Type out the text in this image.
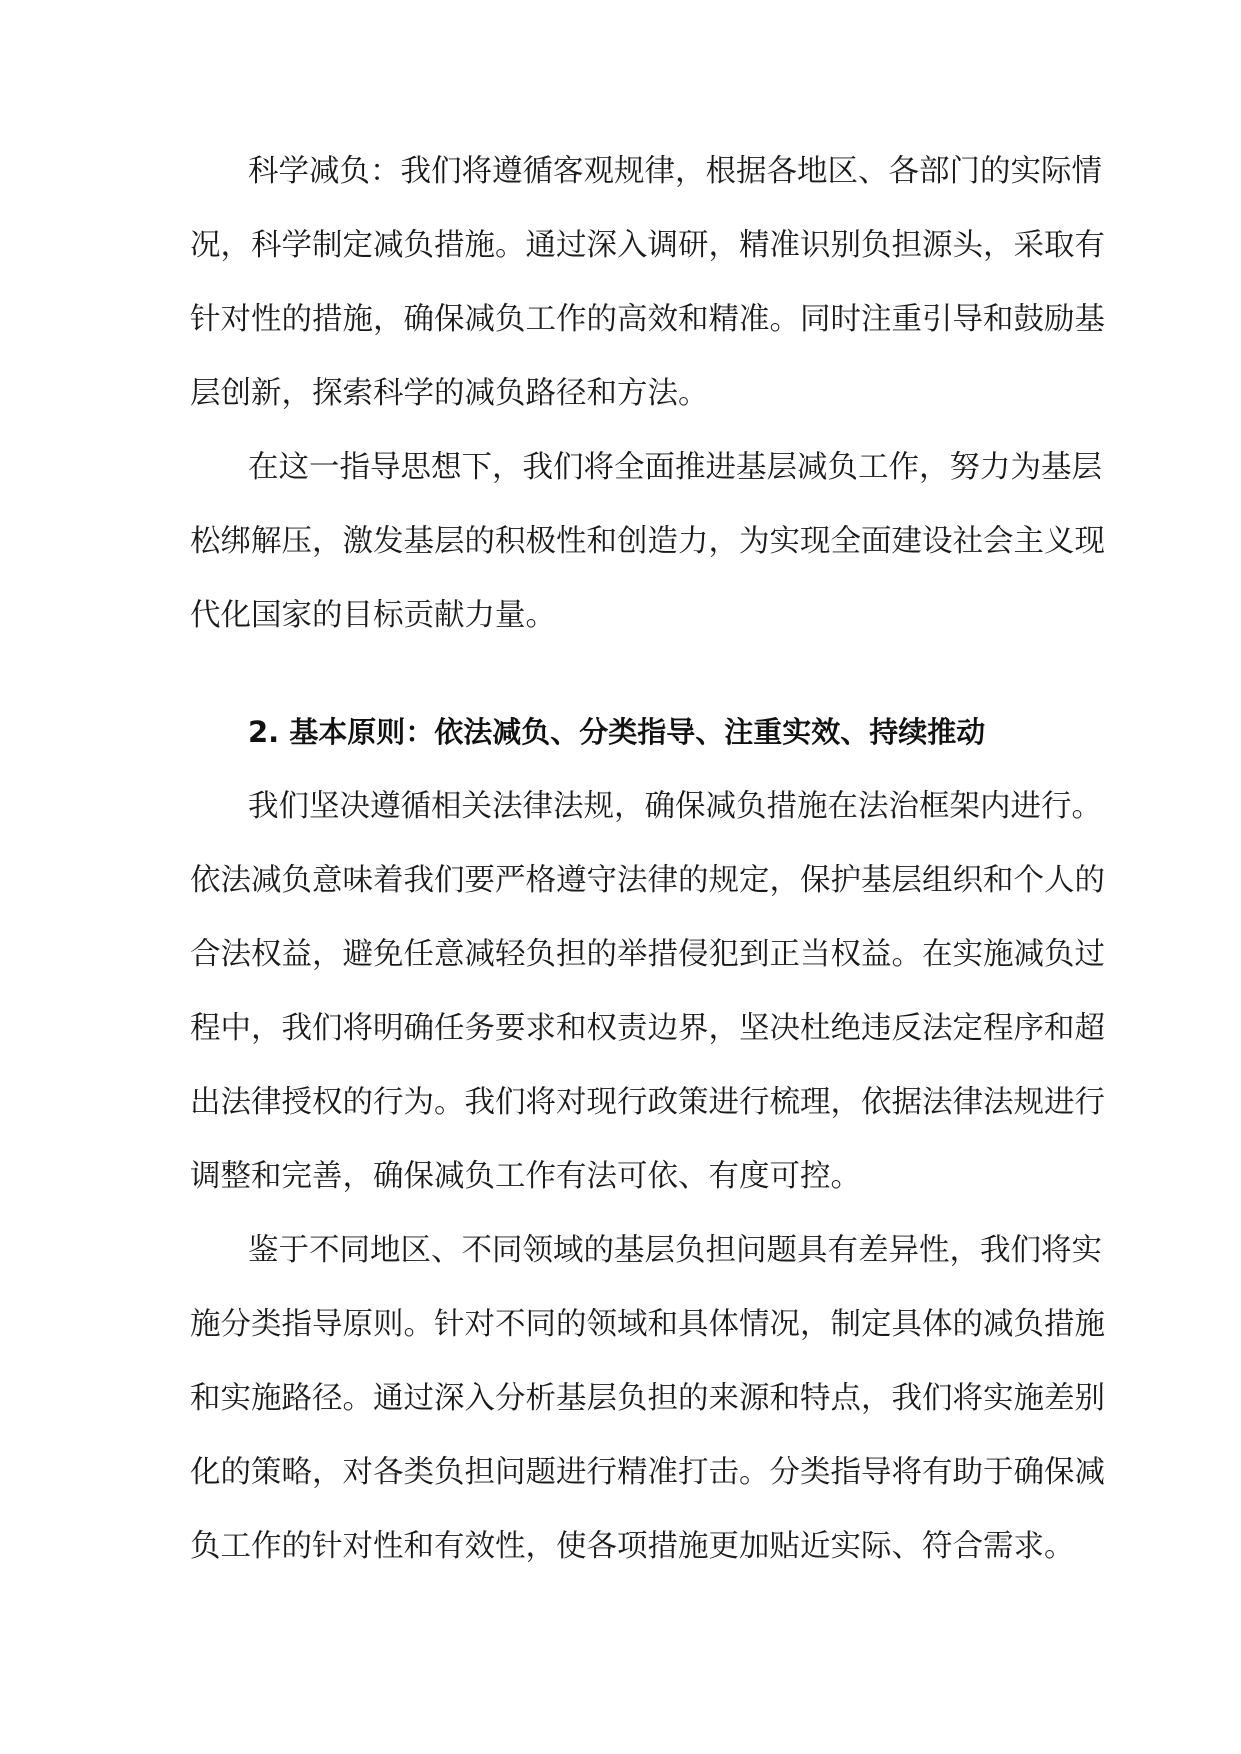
科学减负：我们将遵循客观规律，根据各地区、各部门的实际情

况，科学制定减负措施。通过深入调研，精准识别负担源头，采取有

针对性的措施，确保减负工作的高效和精准。同时注重引导和鼓励基

层创新，探索科学的减负路径和方法。

在这一指导思想下，我们将全面推进基层减负工作，努力为基层

松绑解压，激发基层的积极性和创造力，为实现全面建设社会主义现

代化国家的目标贡献力量。

2. 基本原则：依法减负、分类指导、注重实效、持续推动

我们坚决遵循相关法律法规，确保减负措施在法治框架内进行。

依法减负意味着我们要严格遵守法律的规定，保护基层组织和个人的

合法权益，避免任意减轻负担的举措侵犯到正当权益。在实施减负过

程中，我们将明确任务要求和权责边界，坚决杜绝违反法定程序和超

出法律授权的行为。我们将对现行政策进行梳理，依据法律法规进行

调整和完善，确保减负工作有法可依、有度可控。

鉴于不同地区、不同领域的基层负担问题具有差异性，我们将实

施分类指导原则。针对不同的领域和具体情况，制定具体的减负措施

和实施路径。通过深入分析基层负担的来源和特点，我们将实施差别

化的策略，对各类负担问题进行精准打击。分类指导将有助于确保减

负工作的针对性和有效性，使各项措施更加贴近实际、符合需求。
